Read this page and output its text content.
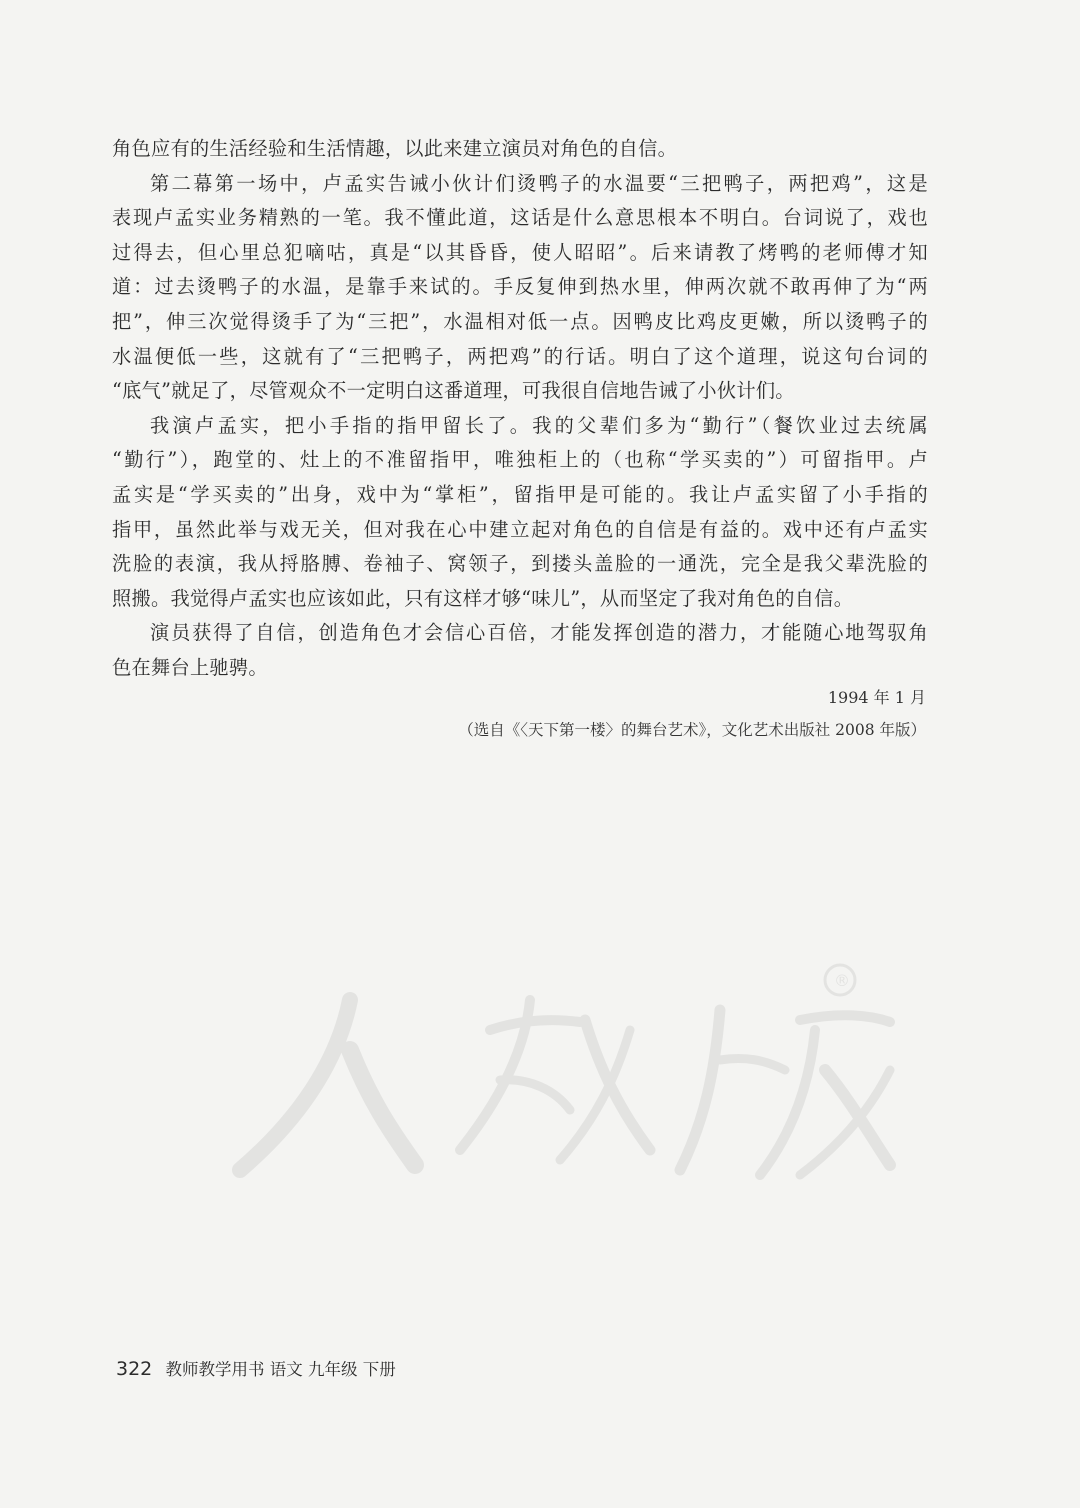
角色应有的生活经验和生活情趣，以此来建立演员对角色的自信。
第二幕第一场中，卢孟实告诫小伙计们烫鸭子的水温要“三把鸭子，两把鸡”，这是
表现卢孟实业务精熟的一笔。我不懂此道，这话是什么意思根本不明白。台词说了，戏也
过得去，但心里总犯嘀咕，真是“以其昏昏，使人昭昭”。后来请教了烤鸭的老师傅才知
道：过去烫鸭子的水温，是靠手来试的。手反复伸到热水里，伸两次就不敢再伸了为“两
把”，伸三次觉得烫手了为“三把”，水温相对低一点。因鸭皮比鸡皮更嫩，所以烫鸭子的
水温便低一些，这就有了“三把鸭子，两把鸡”的行话。明白了这个道理，说这句台词的
“底气”就足了，尽管观众不一定明白这番道理，可我很自信地告诫了小伙计们。
我演卢孟实，把小手指的指甲留长了。我的父辈们多为“勤行”（餐饮业过去统属
“勤行”），跑堂的、灶上的不准留指甲，唯独柜上的（也称“学买卖的”）可留指甲。卢
孟实是“学买卖的”出身，戏中为“掌柜”，留指甲是可能的。我让卢孟实留了小手指的
指甲，虽然此举与戏无关，但对我在心中建立起对角色的自信是有益的。戏中还有卢孟实
洗脸的表演，我从捋胳膊、卷袖子、窝领子，到搂头盖脸的一通洗，完全是我父辈洗脸的
照搬。我觉得卢孟实也应该如此，只有这样才够“味儿”，从而坚定了我对角色的自信。
演员获得了自信，创造角色才会信心百倍，才能发挥创造的潜力，才能随心地驾驭角
色在舞台上驰骋。
1994 年 1 月
（选自《〈天下第一楼〉的舞台艺术》，文化艺术出版社 2008 年版）
®
322 教师教学用书 语文 九年级 下册
